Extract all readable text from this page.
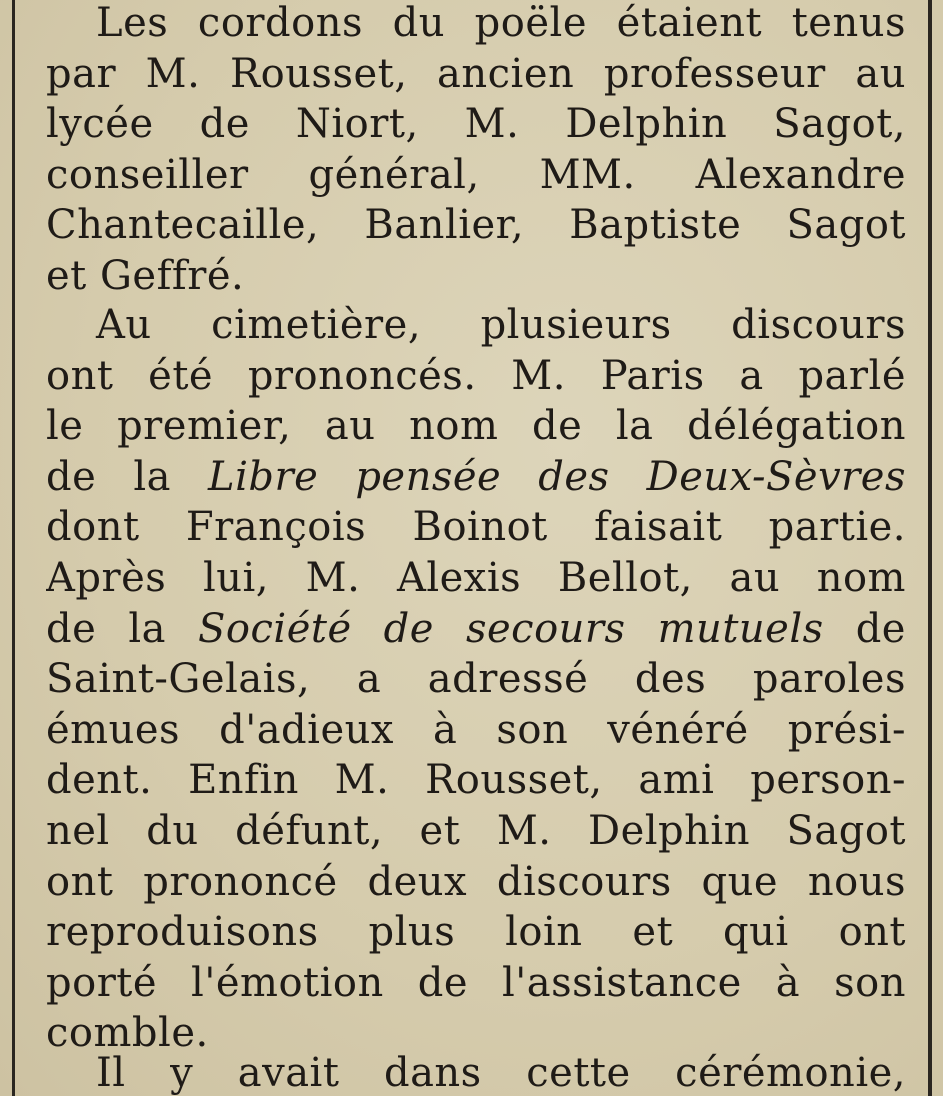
Les cordons du poële étaient tenus
par M. Rousset, ancien professeur au
lycée de Niort, M. Delphin Sagot,
conseiller général, MM. Alexandre
Chantecaille, Banlier, Baptiste Sagot
et Geffré.
Au cimetière, plusieurs discours
ont été prononcés. M. Paris a parlé
le premier, au nom de la délégation
de la Libre pensée des Deux-Sèvres
dont François Boinot faisait partie.
Après lui, M. Alexis Bellot, au nom
de la Société de secours mutuels de
Saint-Gelais, a adressé des paroles
émues d'adieux à son vénéré prési-
dent. Enfin M. Rousset, ami person-
nel du défunt, et M. Delphin Sagot
ont prononcé deux discours que nous
reproduisons plus loin et qui ont
porté l'émotion de l'assistance à son
comble.
Il y avait dans cette cérémonie,
